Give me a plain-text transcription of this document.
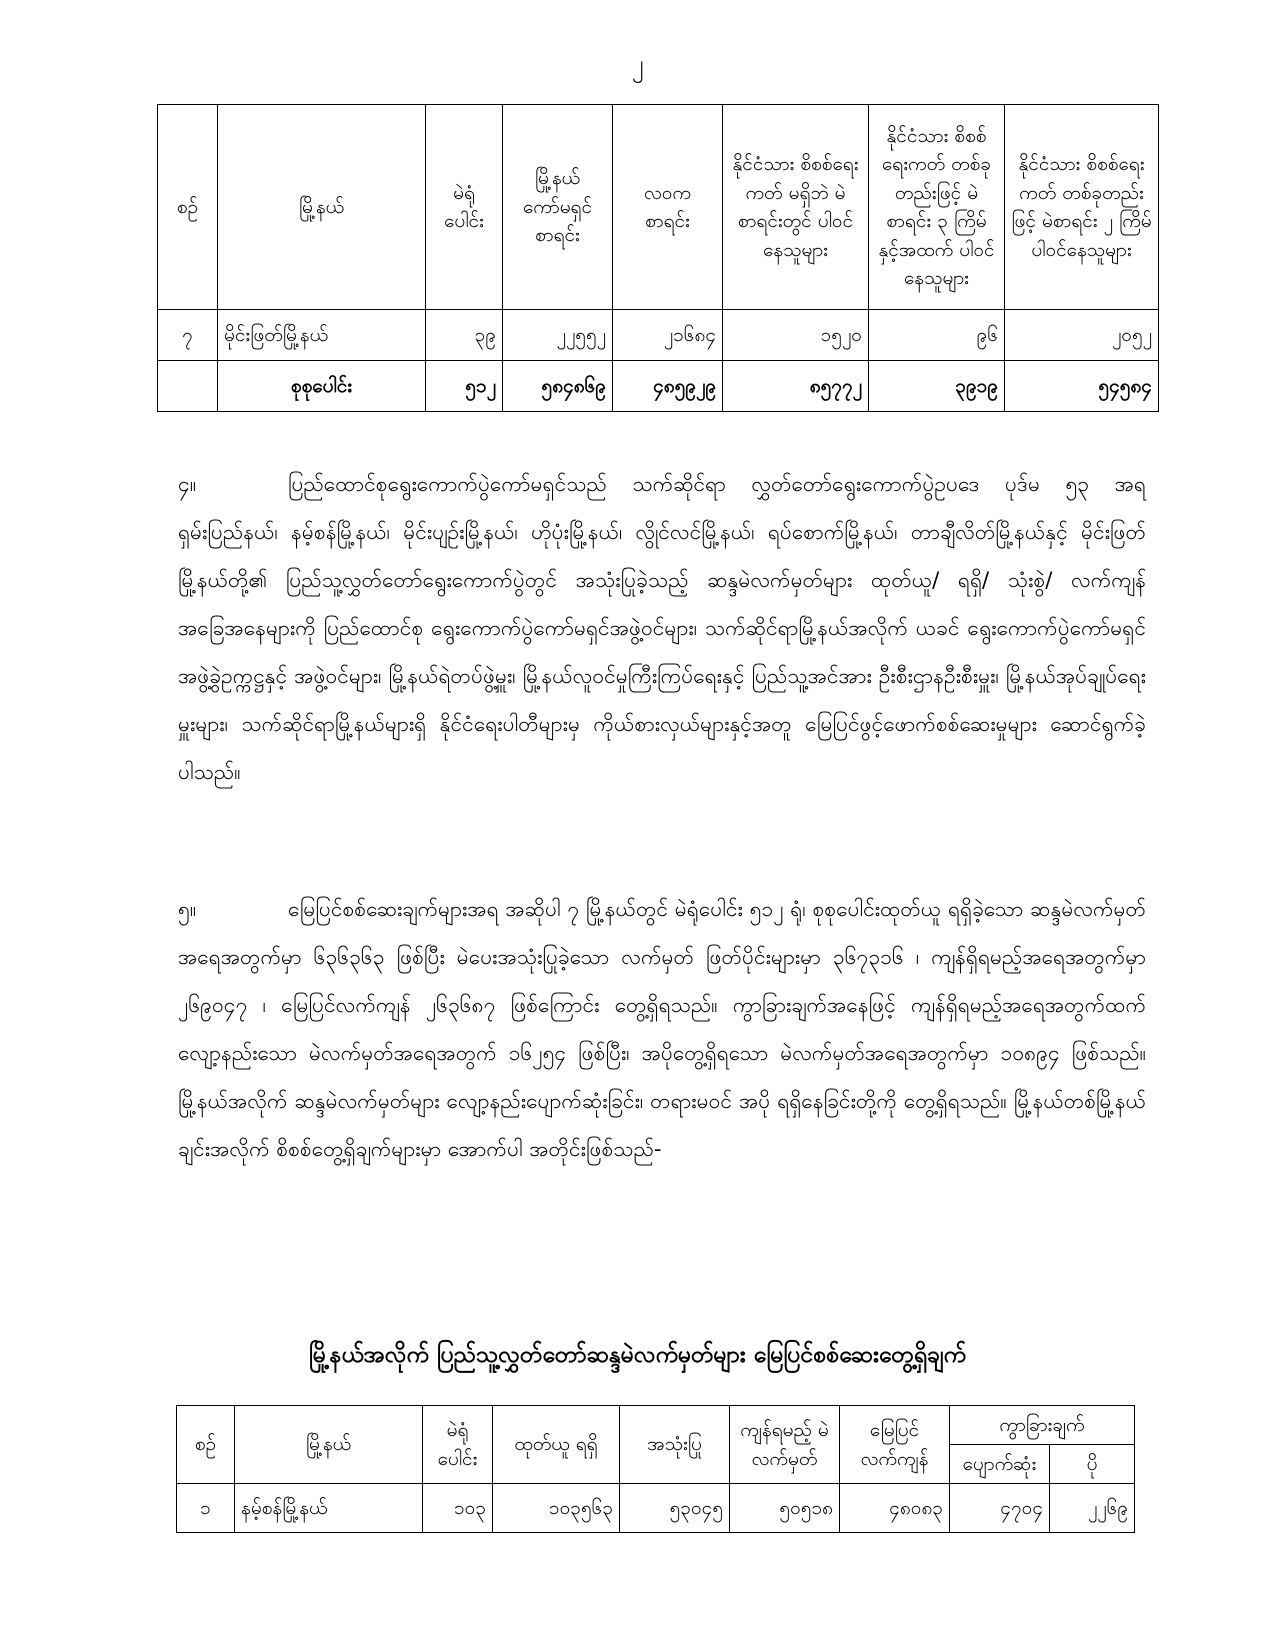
၂
စဉ်	မြို့နယ်	မဲရုံ ပေါင်း	မြို့နယ် ကော်မရှင် စာရင်း	လဝက စာရင်း	နိုင်ငံသား စိစစ်ရေးကတ် မရှိဘဲ မဲစာရင်းတွင် ပါဝင်နေသူများ	နိုင်ငံသား စိစစ်ရေးကတ် တစ်ခုတည်းဖြင့် မဲစာရင်း ၃ ကြိမ် နှင့်အထက် ပါဝင်နေသူများ	နိုင်ငံသား စိစစ်ရေးကတ် တစ်ခုတည်းဖြင့် မဲစာရင်း ၂ ကြိမ် ပါဝင်နေသူများ
၇	မိုင်းဖြတ်မြို့နယ်	၃၉	၂၂၅၅၂	၂၁၆၈၄	၁၅၂၀	၉၆	၂၀၅၂
	စုစုပေါင်း	၅၁၂	၅၈၄၈၆၉	၄၈၅၉၂၉	၈၅၇၇၂	၃၉၁၉	၅၄၅၈၄

၄။	ပြည်ထောင်စုရွေးကောက်ပွဲကော်မရှင်သည် သက်ဆိုင်ရာ လွှတ်တော်ရွေးကောက်ပွဲဥပဒေ ပုဒ်မ ၅၃ အရ ရှမ်းပြည်နယ်၊ နမ့်စန်မြို့နယ်၊ မိုင်းပျဉ်းမြို့နယ်၊ ဟိုပုံးမြို့နယ်၊ လွိုင်လင်မြို့နယ်၊ ရပ်စောက်မြို့နယ်၊ တာချီလိတ်မြို့နယ်နှင့် မိုင်းဖြတ်မြို့နယ်တို့၏ ပြည်သူ့လွှတ်တော်ရွေးကောက်ပွဲတွင် အသုံးပြုခဲ့သည့် ဆန္ဒမဲလက်မှတ်များ ထုတ်ယူ/ ရရှိ/ သုံးစွဲ/ လက်ကျန်အခြေအနေများကို ပြည်ထောင်စု ရွေးကောက်ပွဲကော်မရှင်အဖွဲ့ဝင်များ၊ သက်ဆိုင်ရာမြို့နယ်အလိုက် ယခင် ရွေးကောက်ပွဲကော်မရှင် အဖွဲ့ခွဲဥက္ကဋ္ဌနှင့် အဖွဲ့ဝင်များ၊ မြို့နယ်ရဲတပ်ဖွဲ့မှူး၊ မြို့နယ်လူဝင်မှုကြီးကြပ်ရေးနှင့် ပြည်သူ့အင်အား ဦးစီးဌာနဦးစီးမှူး၊ မြို့နယ်အုပ်ချုပ်ရေးမှူးများ၊ သက်ဆိုင်ရာမြို့နယ်များရှိ နိုင်ငံရေးပါတီများမှ ကိုယ်စားလှယ်များနှင့်အတူ မြေပြင်ဖွင့်ဖောက်စစ်ဆေးမှုများ ဆောင်ရွက်ခဲ့ပါသည်။

၅။	မြေပြင်စစ်ဆေးချက်များအရ အဆိုပါ ၇ မြို့နယ်တွင် မဲရုံပေါင်း ၅၁၂ ရုံ၊ စုစုပေါင်းထုတ်ယူ ရရှိခဲ့သော ဆန္ဒမဲလက်မှတ်အရေအတွက်မှာ ၆၃၆၃၆၃ ဖြစ်ပြီး မဲပေးအသုံးပြုခဲ့သော လက်မှတ် ဖြတ်ပိုင်းများမှာ ၃၆၇၃၁၆ ၊ ကျန်ရှိရမည့်အရေအတွက်မှာ ၂၆၉၀၄၇ ၊ မြေပြင်လက်ကျန် ၂၆၃၆၈၇ ဖြစ်ကြောင်း တွေ့ရှိရသည်။ ကွာခြားချက်အနေဖြင့် ကျန်ရှိရမည့်အရေအတွက်ထက် လျော့နည်းသော မဲလက်မှတ်အရေအတွက် ၁၆၂၅၄ ဖြစ်ပြီး၊ အပိုတွေ့ရှိရသော မဲလက်မှတ်အရေအတွက်မှာ ၁၀၈၉၄ ဖြစ်သည်။ မြို့နယ်အလိုက် ဆန္ဒမဲလက်မှတ်များ လျော့နည်းပျောက်ဆုံးခြင်း၊ တရားမဝင် အပို ရရှိနေခြင်းတို့ကို တွေ့ရှိရသည်။ မြို့နယ်တစ်မြို့နယ်ချင်းအလိုက် စိစစ်တွေ့ရှိချက်များမှာ အောက်ပါ အတိုင်းဖြစ်သည်-

မြို့နယ်အလိုက် ပြည်သူ့လွှတ်တော်ဆန္ဒမဲလက်မှတ်များ မြေပြင်စစ်ဆေးတွေ့ရှိချက်
စဉ်	မြို့နယ်	မဲရုံ ပေါင်း	ထုတ်ယူ ရရှိ	အသုံးပြု	ကျန်ရမည့် မဲလက်မှတ်	မြေပြင် လက်ကျန်	ကွာခြားချက်	
							ပျောက်ဆုံး	ပို
၁	နမ့်စန်မြို့နယ်	၁၀၃	၁၀၃၅၆၃	၅၃၀၄၅	၅၀၅၁၈	၄၈၀၈၃	၄၇၀၄	၂၂၆၉
